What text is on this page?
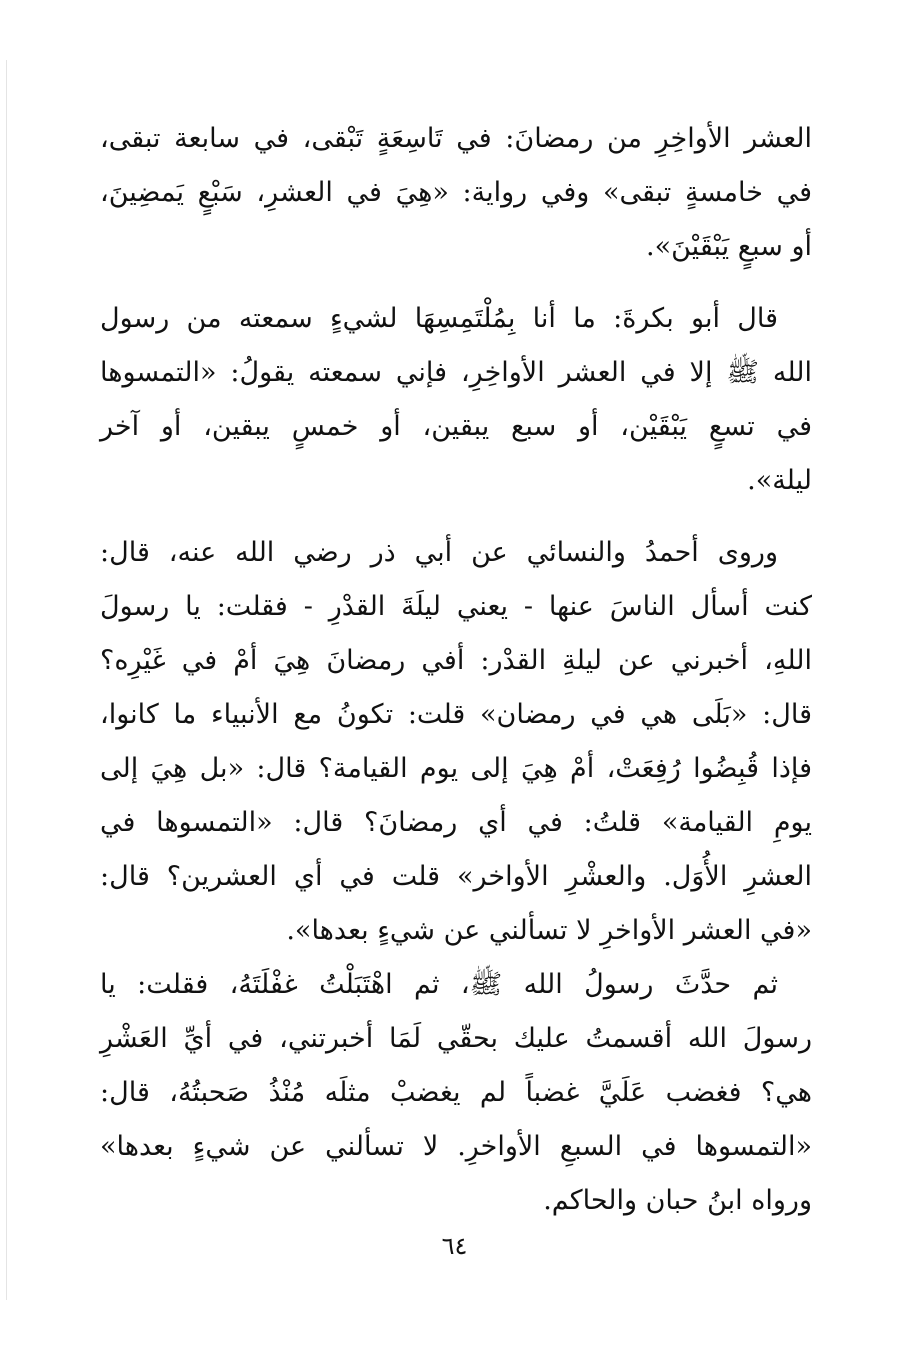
العشر الأواخِرِ من رمضانَ: في تَاسِعَةٍ تَبْقى، في سابعة تبقى،
في خامسةٍ تبقى» وفي رواية: «هِيَ في العشرِ، سَبْعٍ يَمضِينَ،
أو سبعٍ يَبْقَيْنَ».

قال أبو بكرةَ: ما أنا بِمُلْتَمِسِهَا لشيءٍ سمعته من رسول
الله ﷺ إلا في العشر الأواخِرِ، فإني سمعته يقولُ: «التمسوها
في تسعٍ يَبْقَيْن، أو سبع يبقين، أو خمسٍ يبقين، أو آخر
ليلة».

وروى أحمدُ والنسائي عن أبي ذر رضي الله عنه، قال:
كنت أسأل الناسَ عنها - يعني ليلَةَ القدْرِ - فقلت: يا رسولَ
اللهِ، أخبرني عن ليلةِ القدْر: أفي رمضانَ هِيَ أمْ في غَيْرِه؟
قال: «بَلَى هي في رمضان» قلت: تكونُ مع الأنبياء ما كانوا،
فإذا قُبِضُوا رُفِعَتْ، أمْ هِيَ إلى يوم القيامة؟ قال: «بل هِيَ إلى
يومِ القيامة» قلتُ: في أي رمضانَ؟ قال: «التمسوها في
العشرِ الأُوَل. والعشْرِ الأواخر» قلت في أي العشرين؟ قال:
«في العشر الأواخرِ لا تسألني عن شيءٍ بعدها».

ثم حدَّثَ رسولُ الله ﷺ، ثم اهْتَبَلْتُ غفْلَتَهُ، فقلت: يا
رسولَ الله أقسمتُ عليك بحقّي لَمَا أخبرتني، في أيِّ العَشْرِ
هي؟ فغضب عَلَيَّ غضباً لم يغضبْ مثلَه مُنْذُ صَحبتُهُ، قال:
«التمسوها في السبعِ الأواخرِ. لا تسألني عن شيءٍ بعدها»
ورواه ابنُ حبان والحاكم.

٦٤
